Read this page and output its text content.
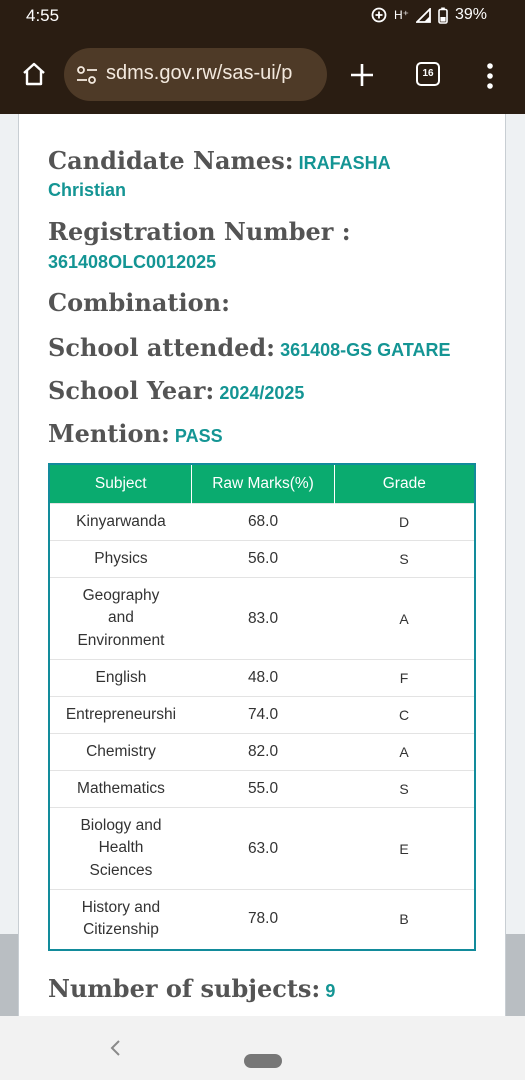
4:55	H⁺	39%
sdms.gov.rw/sas-ui/p	16
Candidate Names: IRAFASHA
Christian
Registration Number :
361408OLC0012025
Combination:
School attended: 361408-GS GATARE
School Year: 2024/2025
Mention: PASS
Subject	Raw Marks(%)	Grade
Kinyarwanda	68.0	D
Physics	56.0	S
Geography and Environment	83.0	A
English	48.0	F
Entrepreneurshi	74.0	C
Chemistry	82.0	A
Mathematics	55.0	S
Biology and Health Sciences	63.0	E
History and Citizenship	78.0	B
Number of subjects: 9
